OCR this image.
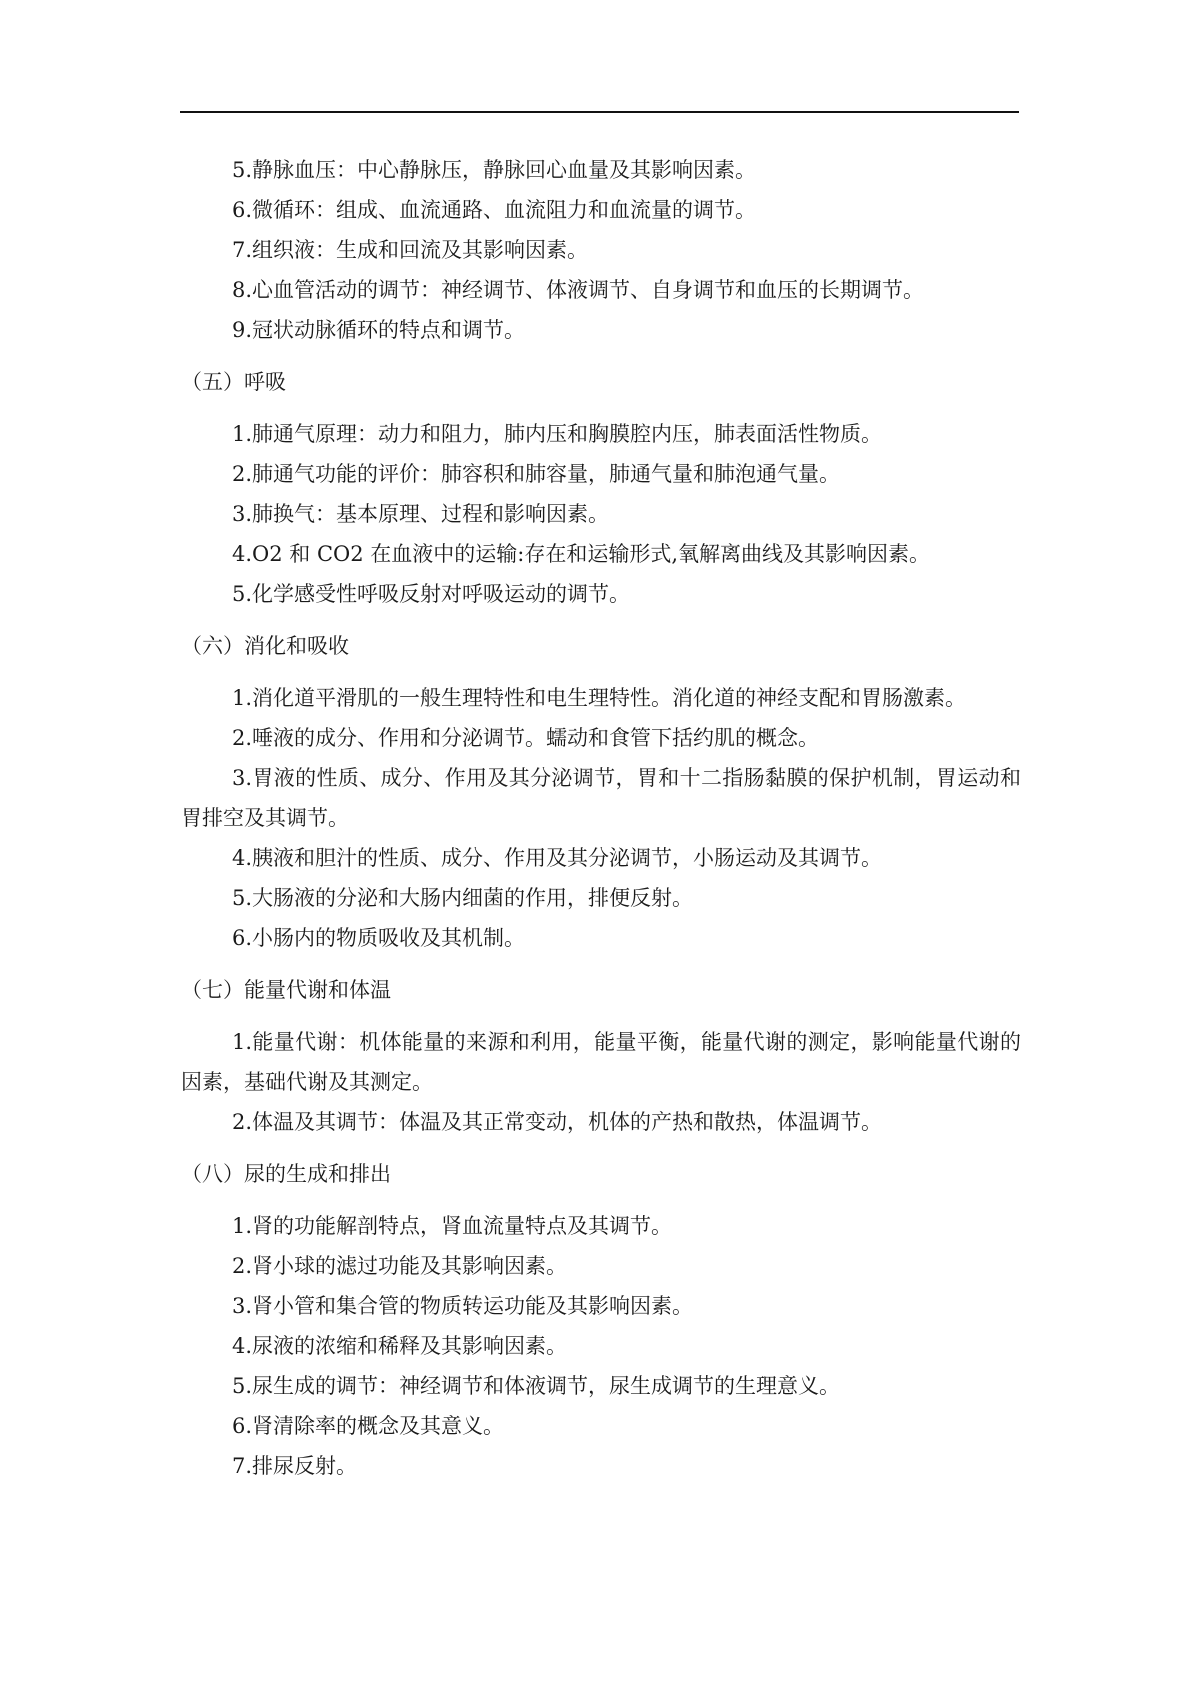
5.静脉血压：中心静脉压，静脉回心血量及其影响因素。
6.微循环：组成、血流通路、血流阻力和血流量的调节。
7.组织液：生成和回流及其影响因素。
8.心血管活动的调节：神经调节、体液调节、自身调节和血压的长期调节。
9.冠状动脉循环的特点和调节。
（五）呼吸
1.肺通气原理：动力和阻力，肺内压和胸膜腔内压，肺表面活性物质。
2.肺通气功能的评价：肺容积和肺容量，肺通气量和肺泡通气量。
3.肺换气：基本原理、过程和影响因素。
4.O2 和 CO2 在血液中的运输:存在和运输形式,氧解离曲线及其影响因素。
5.化学感受性呼吸反射对呼吸运动的调节。
（六）消化和吸收
1.消化道平滑肌的一般生理特性和电生理特性。消化道的神经支配和胃肠激素。
2.唾液的成分、作用和分泌调节。蠕动和食管下括约肌的概念。
3.胃液的性质、成分、作用及其分泌调节，胃和十二指肠黏膜的保护机制，胃运动和胃排空及其调节。
4.胰液和胆汁的性质、成分、作用及其分泌调节，小肠运动及其调节。
5.大肠液的分泌和大肠内细菌的作用，排便反射。
6.小肠内的物质吸收及其机制。
（七）能量代谢和体温
1.能量代谢：机体能量的来源和利用，能量平衡，能量代谢的测定，影响能量代谢的因素，基础代谢及其测定。
2.体温及其调节：体温及其正常变动，机体的产热和散热，体温调节。
（八）尿的生成和排出
1.肾的功能解剖特点，肾血流量特点及其调节。
2.肾小球的滤过功能及其影响因素。
3.肾小管和集合管的物质转运功能及其影响因素。
4.尿液的浓缩和稀释及其影响因素。
5.尿生成的调节：神经调节和体液调节，尿生成调节的生理意义。
6.肾清除率的概念及其意义。
7.排尿反射。
